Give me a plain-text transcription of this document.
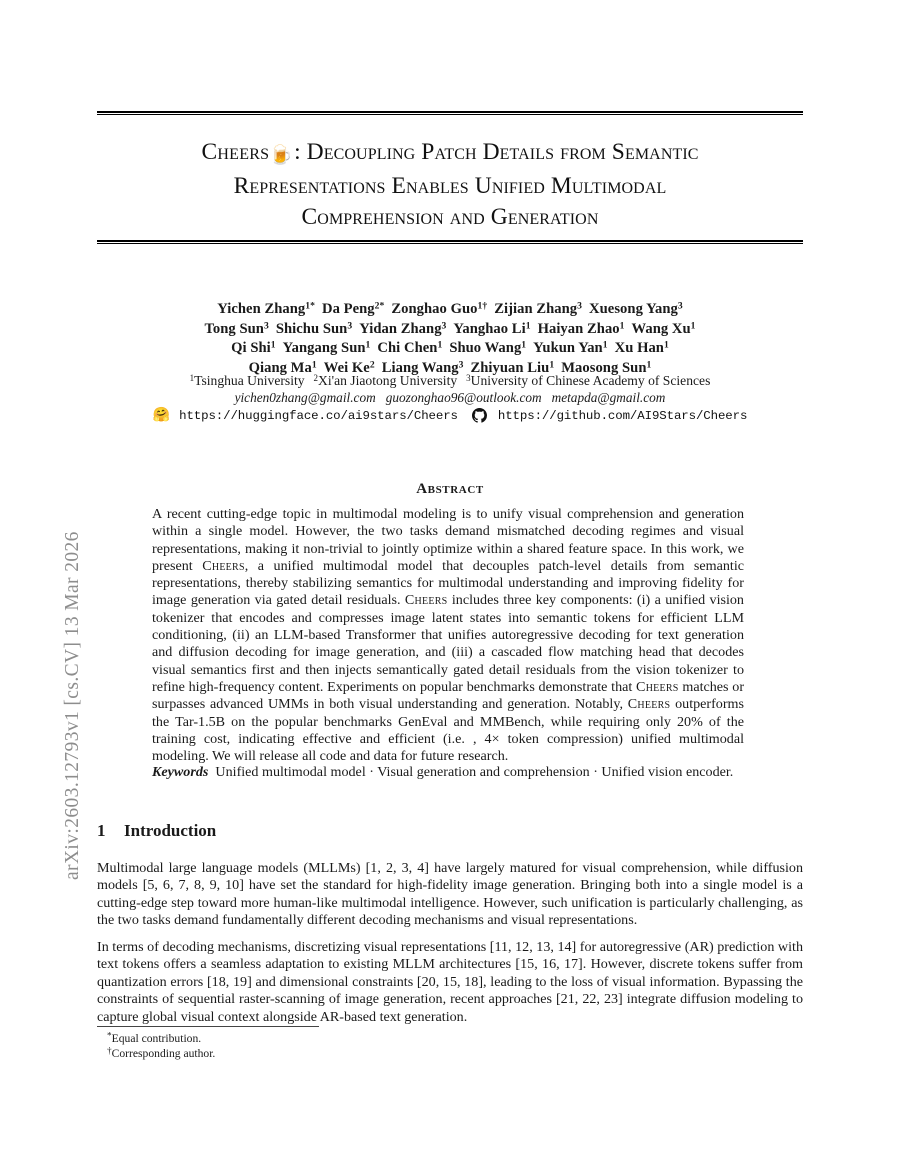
arXiv:2603.12793v1 [cs.CV] 13 Mar 2026
Cheers🍺: Decoupling Patch Details from Semantic
Representations Enables Unified Multimodal
Comprehension and Generation
Yichen Zhang$^{1*}$ Da Peng$^{2*}$ Zonghao Guo$^{1\dagger}$ Zijian Zhang$^3$ Xuesong Yang$^3$
Tong Sun$^3$ Shichu Sun$^3$ Yidan Zhang$^3$ Yanghao Li$^1$ Haiyan Zhao$^1$ Wang Xu$^1$
Qi Shi$^1$ Yangang Sun$^1$ Chi Chen$^1$ Shuo Wang$^1$ Yukun Yan$^1$ Xu Han$^1$
Qiang Ma$^1$ Wei Ke$^2$ Liang Wang$^3$ Zhiyuan Liu$^1$ Maosong Sun$^1$
$^1$Tsinghua University $^2$Xi'an Jiaotong University $^3$University of Chinese Academy of Sciences
yichen0zhang@gmail.com guozonghao96@outlook.com metapda@gmail.com
🤗 https://huggingface.co/ai9stars/Cheers	https://github.com/AI9Stars/Cheers
Abstract
A recent cutting-edge topic in multimodal modeling is to unify visual comprehension and generation within a single model. However, the two tasks demand mismatched decoding regimes and visual representations, making it non-trivial to jointly optimize within a shared feature space. In this work, we present Cheers, a unified multimodal model that decouples patch-level details from semantic representations, thereby stabilizing semantics for multimodal understanding and improving fidelity for image generation via gated detail residuals. Cheers includes three key components: (i) a unified vision tokenizer that encodes and compresses image latent states into semantic tokens for efficient LLM conditioning, (ii) an LLM-based Transformer that unifies autoregressive decoding for text generation and diffusion decoding for image generation, and (iii) a cascaded flow matching head that decodes visual semantics first and then injects semantically gated detail residuals from the vision tokenizer to refine high-frequency content. Experiments on popular benchmarks demonstrate that Cheers matches or surpasses advanced UMMs in both visual understanding and generation. Notably, Cheers outperforms the Tar-1.5B on the popular benchmarks GenEval and MMBench, while requiring only 20% of the training cost, indicating effective and efficient (i.e. , 4× token compression) unified multimodal modeling. We will release all code and data for future research.
Keywords Unified multimodal model · Visual generation and comprehension · Unified vision encoder.
1 Introduction
Multimodal large language models (MLLMs) [1, 2, 3, 4] have largely matured for visual comprehension, while diffusion models [5, 6, 7, 8, 9, 10] have set the standard for high-fidelity image generation. Bringing both into a single model is a cutting-edge step toward more human-like multimodal intelligence. However, such unification is particularly challenging, as the two tasks demand fundamentally different decoding mechanisms and visual representations.
In terms of decoding mechanisms, discretizing visual representations [11, 12, 13, 14] for autoregressive (AR) prediction with text tokens offers a seamless adaptation to existing MLLM architectures [15, 16, 17]. However, discrete tokens suffer from quantization errors [18, 19] and dimensional constraints [20, 15, 18], leading to the loss of visual information. Bypassing the constraints of sequential raster-scanning of image generation, recent approaches [21, 22, 23] integrate diffusion modeling to capture global visual context alongside AR-based text generation.
*Equal contribution.
†Corresponding author.
